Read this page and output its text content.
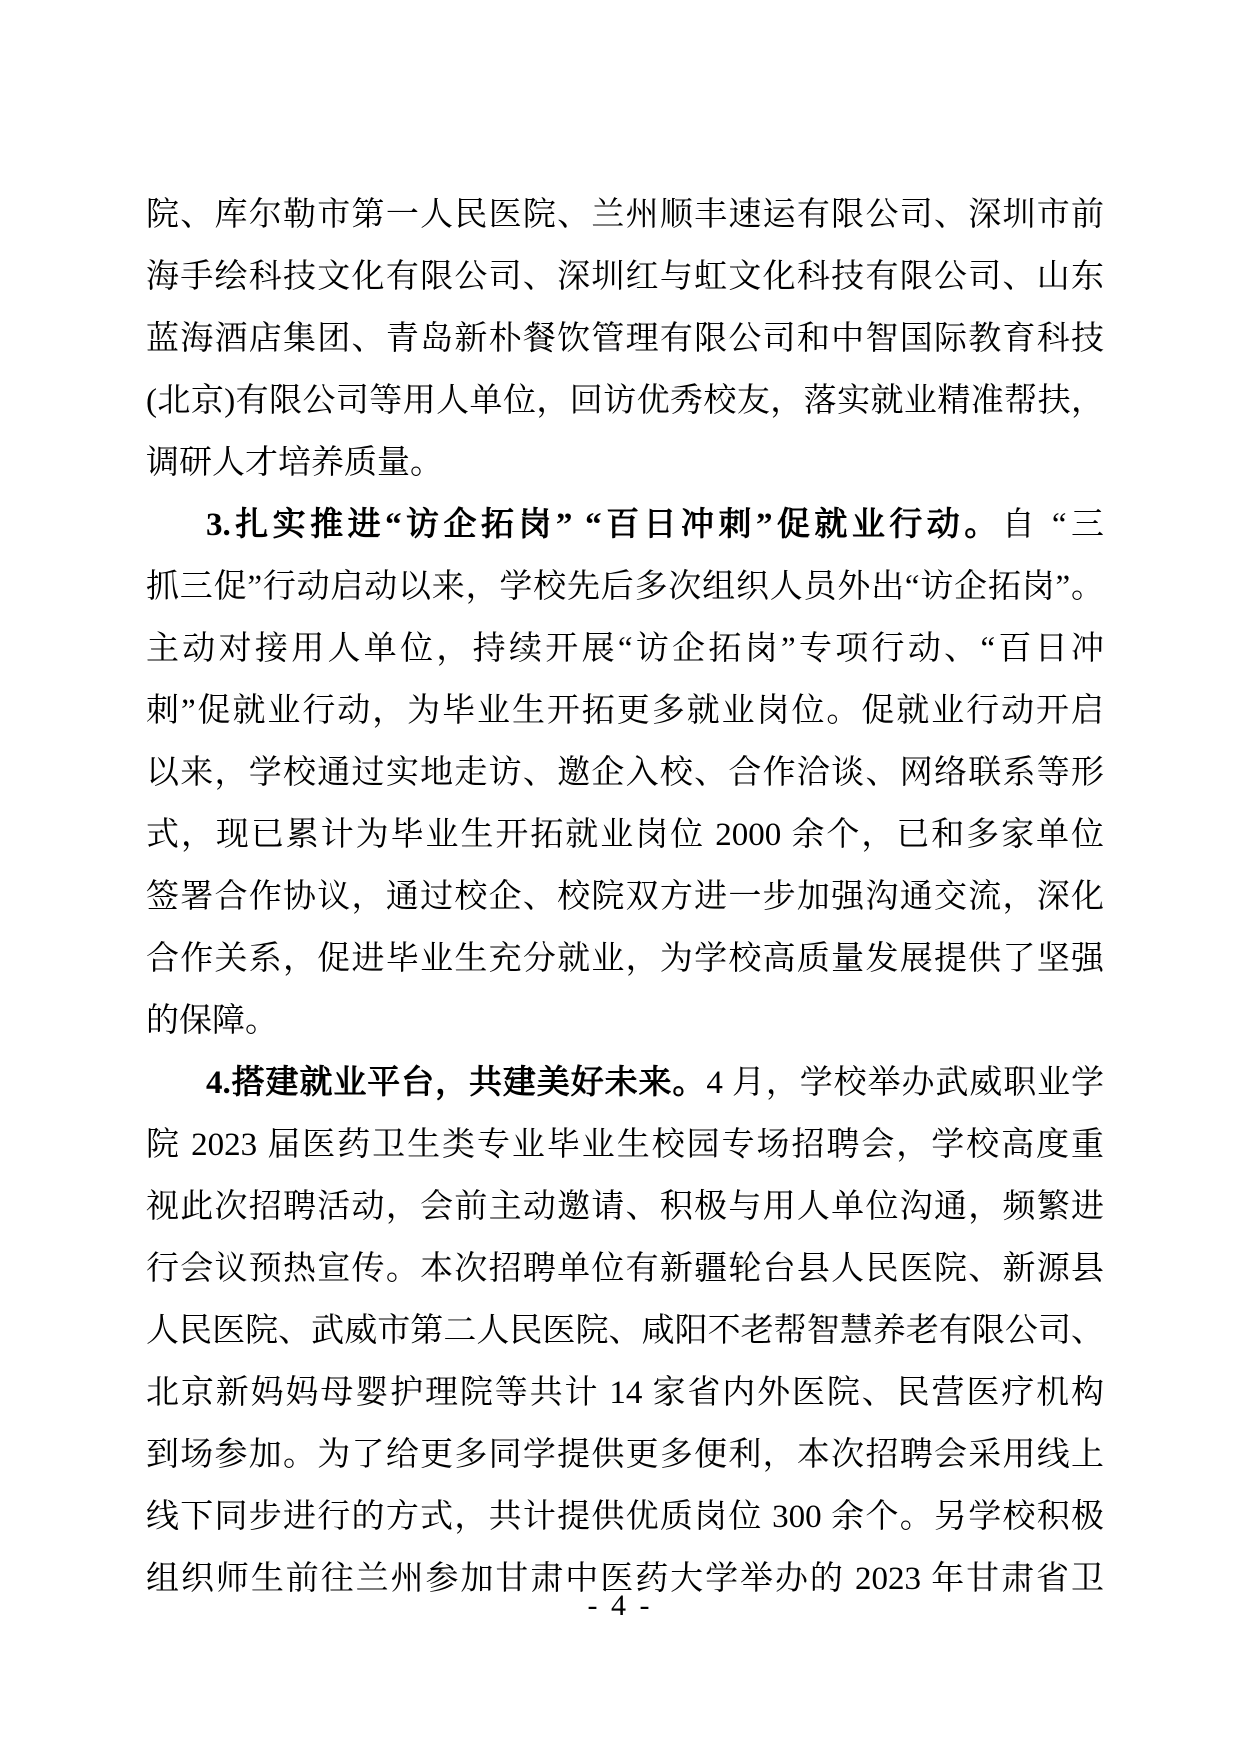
院、库尔勒市第一人民医院、兰州顺丰速运有限公司、深圳市前
海手绘科技文化有限公司、深圳红与虹文化科技有限公司、山东
蓝海酒店集团、青岛新朴餐饮管理有限公司和中智国际教育科技
(北京)有限公司等用人单位，回访优秀校友，落实就业精准帮扶，
调研人才培养质量。
3.扎实推进“访企拓岗” “百日冲刺”促就业行动。自 “三
抓三促”行动启动以来，学校先后多次组织人员外出“访企拓岗”。
主动对接用人单位，持续开展“访企拓岗”专项行动、“百日冲
刺”促就业行动，为毕业生开拓更多就业岗位。促就业行动开启
以来，学校通过实地走访、邀企入校、合作洽谈、网络联系等形
式，现已累计为毕业生开拓就业岗位 2000 余个，已和多家单位
签署合作协议，通过校企、校院双方进一步加强沟通交流，深化
合作关系，促进毕业生充分就业，为学校高质量发展提供了坚强
的保障。
4.搭建就业平台，共建美好未来。4 月，学校举办武威职业学
院 2023 届医药卫生类专业毕业生校园专场招聘会，学校高度重
视此次招聘活动，会前主动邀请、积极与用人单位沟通，频繁进
行会议预热宣传。本次招聘单位有新疆轮台县人民医院、新源县
人民医院、武威市第二人民医院、咸阳不老帮智慧养老有限公司、
北京新妈妈母婴护理院等共计 14 家省内外医院、民营医疗机构
到场参加。为了给更多同学提供更多便利，本次招聘会采用线上
线下同步进行的方式，共计提供优质岗位 300 余个。另学校积极
组织师生前往兰州参加甘肃中医药大学举办的 2023 年甘肃省卫
- 4 -
